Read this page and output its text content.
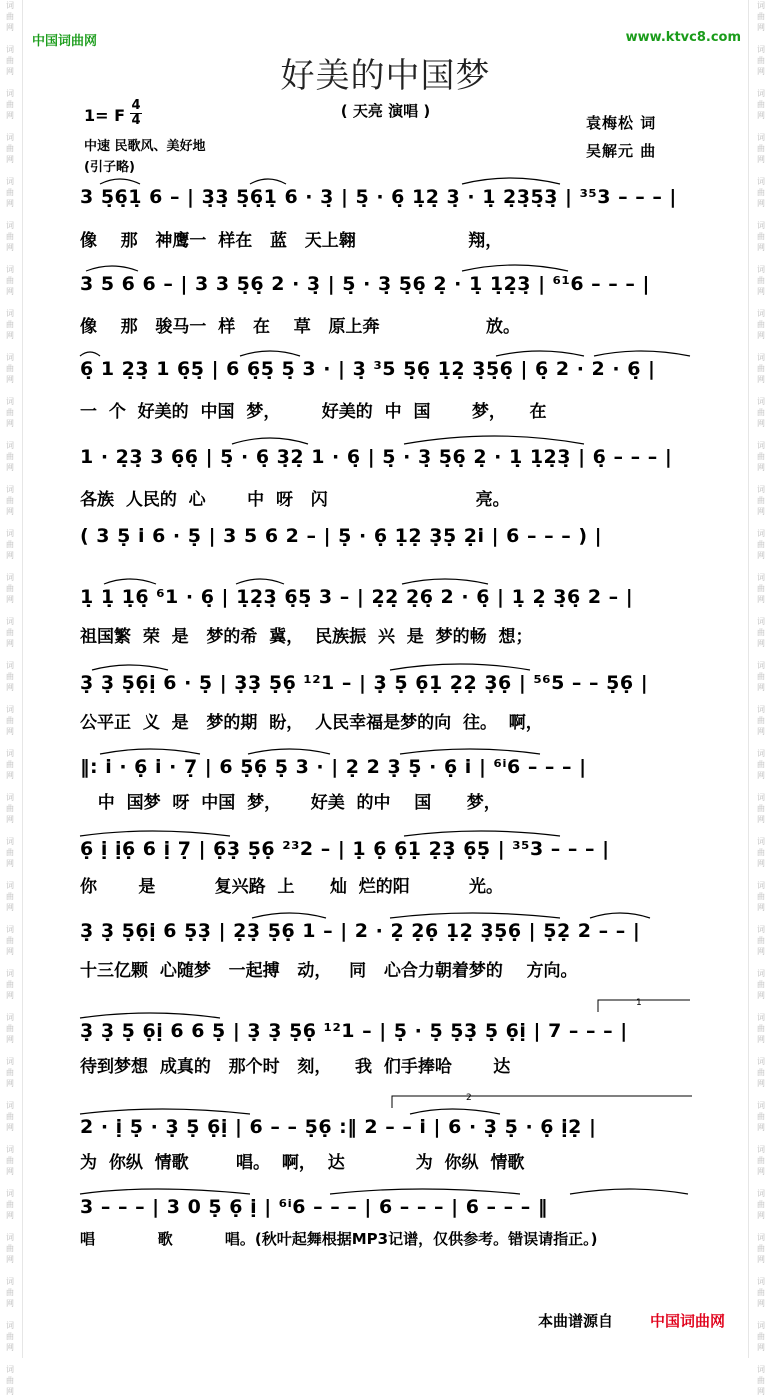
词
曲
网

词
曲
网

词
曲
网

词
曲
网

词
曲
网

词
曲
网

词
曲
网

词
曲
网

词
曲
网

词
曲
网

词
曲
网

词
曲
网

词
曲
网

词
曲
网

词
曲
网

词
曲
网

词
曲
网

词
曲
网

词
曲
网

词
曲
网

词
曲
网

词
曲
网

词
曲
网

词
曲
网

词
曲
网

词
曲
网

词
曲
网

词
曲
网

词
曲
网

词
曲
网

词
曲
网

词
曲
网
词
曲
网

词
曲
网

词
曲
网

词
曲
网

词
曲
网

词
曲
网

词
曲
网

词
曲
网

词
曲
网

词
曲
网

词
曲
网

词
曲
网

词
曲
网

词
曲
网

词
曲
网

词
曲
网

词
曲
网

词
曲
网

词
曲
网

词
曲
网

词
曲
网

词
曲
网

词
曲
网

词
曲
网

词
曲
网

词
曲
网

词
曲
网

词
曲
网

词
曲
网

词
曲
网

词
曲
网

词
曲
网
中国词曲网	www.ktvc8.com
好美的中国梦
( 天亮 演唱 )
1= F
4
4
中速 民歌风、美好地
(引子略)
袁梅松 词
吴解元 曲
3 5̣6̣1̣ 6 – | 3̣3̣ 5̣6̣1̣ 6 · 3̣ | 5̣ · 6̣ 1̣2̣ 3̣ · 1̣ 2̣3̣5̣3̣ | ³⁵3 – – – |
像    那   神鹰一  样在   蓝   天上翱                   翔，
3 5 6 6 – | 3 3 5̣6̣ 2 · 3̣ | 5̣ · 3̣ 5̣6̣ 2̣ · 1̣ 1̣2̣3̣ | ⁶¹6 – – – |
像    那   骏马一  样   在    草   原上奔                  放。
6̣ 1 2̣3̣ 1 6̣5̣ | 6 6̣5̣ 5̣ 3 · | 3̣ ³5 5̣6̣ 1̣2̣ 3̣5̣6̣ | 6̣ 2 · 2 · 6̣ |
一  个  好美的  中国  梦，       好美的  中  国       梦，    在
1 · 2̣3̣ 3 6̣6̣ | 5̣ · 6̣ 3̣2̣ 1 · 6̣ | 5̣ · 3̣ 5̣6̣ 2̣ · 1̣ 1̣2̣3̣ | 6̣ – – – |
各族  人民的  心       中  呀   闪                         亮。
( 3 5̣ i 6 · 5̣ | 3 5 6 2 – | 5̣ · 6̣ 1̣2̣ 3̣5̣ 2̣i | 6 – – – ) |
1̣ 1̣ 1̣6̣ ⁶1 · 6̣ | 1̣2̣3̣ 6̣5̣ 3 – | 2̣2̣ 2̣6̣ 2 · 6̣ | 1̣ 2̣ 3̣6̣ 2 – |
祖国繁  荣  是   梦的希  冀，  民族振  兴  是  梦的畅  想；
3̣ 3̣ 5̣6̣ị 6 · 5̣ | 3̣3̣ 5̣6̣ ¹²1 – | 3̣ 5̣ 6̣1̣ 2̣2̣ 3̣6̣ | ⁵⁶5 – – 5̣6̣ |
公平正  义  是   梦的期  盼，  人民幸福是梦的向  往。  啊，
‖: i · 6̣ i · 7̣ | 6 5̣6̣ 5̣ 3 · | 2̣ 2 3̣ 5̣ · 6̣ i | ⁶ⁱ6 – – – |
中  国梦  呀  中国  梦，     好美  的中    国      梦，
6̣ ị ị6̣ 6 ị 7̣ | 6̣3̣ 5̣6̣ ²³2 – | 1̣ 6̣ 6̣1̣ 2̣3̣ 6̣5̣ | ³⁵3 – – – |
你       是          复兴路  上      灿  烂的阳          光。
3̣ 3̣ 5̣6̣ị 6 5̣3̣ | 2̣3̣ 5̣6̣ 1 – | 2 · 2̣ 2̣6̣ 1̣2̣ 3̣5̣6̣ | 5̣2̣ 2 – – |
十三亿颗  心随梦   一起搏   动，   同   心合力朝着梦的    方向。
3̣ 3̣ 5̣ 6̣ị 6 6 5̣ | 3̣ 3̣ 5̣6̣ ¹²1 – | 5̣ · 5̣ 5̣3̣ 5̣ 6̣ị | 7 – – – |
待到梦想  成真的   那个时   刻，    我  们手捧哈       达
2 · ị 5̣ · 3̣ 5̣ 6̣ị | 6 – – 5̣6̣ :‖ 2 – – i | 6 · 3̣ 5̣ · 6̣ ị2̣ |
为  你纵  情歌        唱。  啊，  达            为  你纵  情歌
3 – – – | 3 0 5̣ 6̣ ị | ⁶ⁱ6 – – – | 6 – – – | 6 – – – ‖
唱            歌          唱。(秋叶起舞根据MP3记谱，仅供参考。错误请指正。)
1
2
本曲谱源自 中国词曲网
